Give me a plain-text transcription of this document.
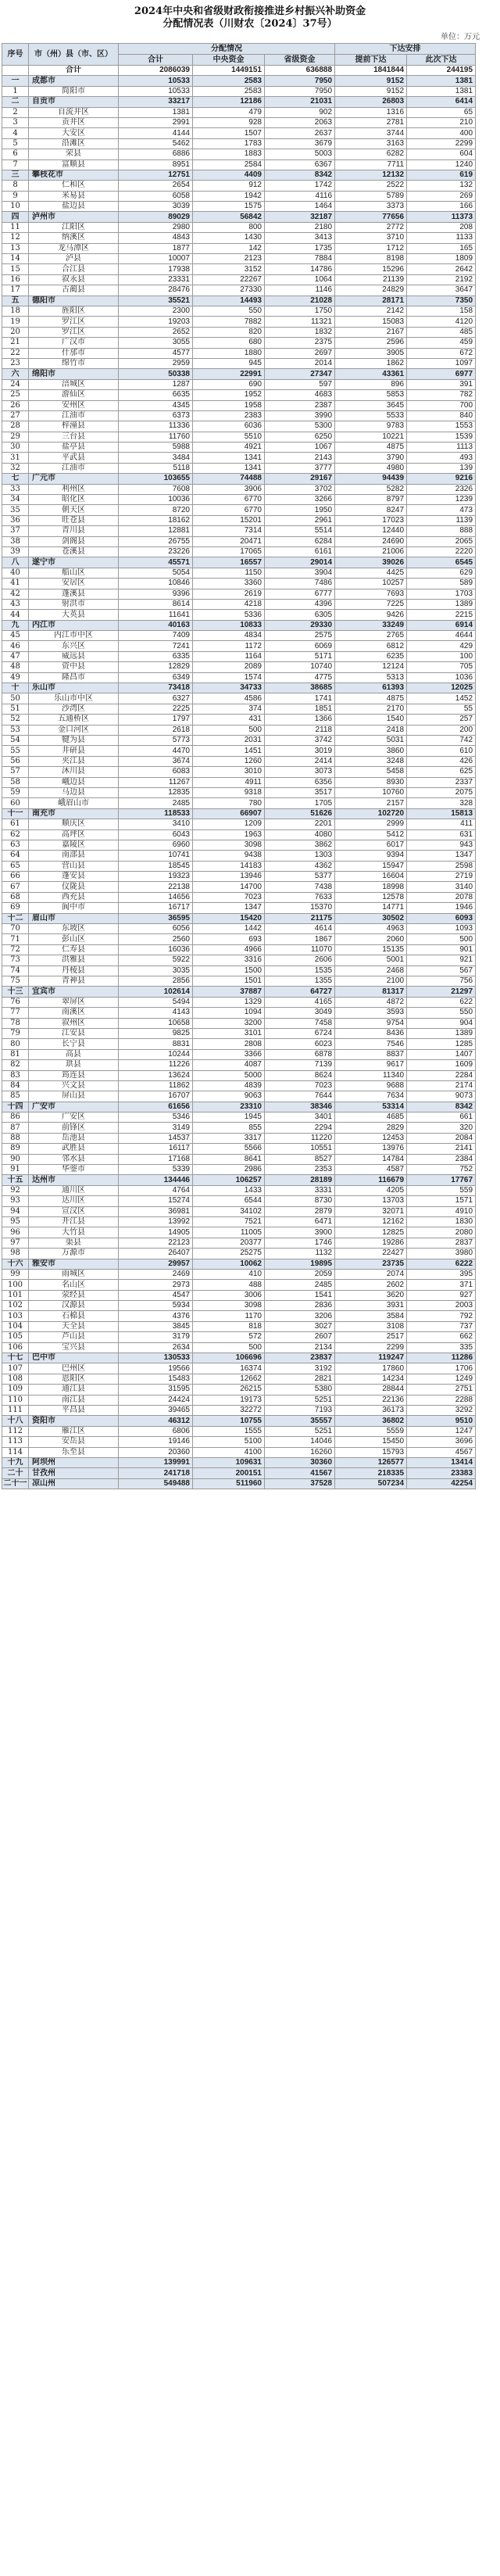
2024年中央和省级财政衔接推进乡村振兴补助资金
分配情况表（川财农〔2024〕37号）
单位：万元
序号	市（州）县（市、区）	分配情况			下达安排	
		合计	中央资金	省级资金	提前下达	此次下达
	合计	2086039	1449151	636888	1841844	244195
一	成都市	10533	2583	7950	9152	1381
1	简阳市	10533	2583	7950	9152	1381
二	自贡市	33217	12186	21031	26803	6414
2	自流井区	1381	479	902	1316	65
3	贡井区	2991	928	2063	2781	210
4	大安区	4144	1507	2637	3744	400
5	沿滩区	5462	1783	3679	3163	2299
6	荣县	6886	1883	5003	6282	604
7	富顺县	8951	2584	6367	7711	1240
三	攀枝花市	12751	4409	8342	12132	619
8	仁和区	2654	912	1742	2522	132
9	米易县	6058	1942	4116	5789	269
10	盐边县	3039	1575	1464	3373	166
四	泸州市	89029	56842	32187	77656	11373
11	江阳区	2980	800	2180	2772	208
12	纳溪区	4843	1430	3413	3710	1133
13	龙马潭区	1877	142	1735	1712	165
14	泸县	10007	2123	7884	8198	1809
15	合江县	17938	3152	14786	15296	2642
16	叙永县	23331	22267	1064	21139	2192
17	古蔺县	28476	27330	1146	24829	3647
五	德阳市	35521	14493	21028	28171	7350
18	旌阳区	2300	550	1750	2142	158
19	罗江区	19203	7882	11321	15083	4120
20	罗江区	2652	820	1832	2167	485
21	广汉市	3055	680	2375	2596	459
22	什邡市	4577	1880	2697	3905	672
23	绵竹市	2959	945	2014	1862	1097
六	绵阳市	50338	22991	27347	43361	6977
24	涪城区	1287	690	597	896	391
25	游仙区	6635	1952	4683	5853	782
26	安州区	4345	1958	2387	3645	700
27	江油市	6373	2383	3990	5533	840
28	梓潼县	11336	6036	5300	9783	1553
29	三台县	11760	5510	6250	10221	1539
30	盐亭县	5988	4921	1067	4875	1113
31	平武县	3484	1341	2143	3790	493
32	江油市	5118	1341	3777	4980	139
七	广元市	103655	74488	29167	94439	9216
33	利州区	7608	3906	3702	5282	2326
34	昭化区	10036	6770	3266	8797	1239
35	朝天区	8720	6770	1950	8247	473
36	旺苍县	18162	15201	2961	17023	1139
37	青川县	12881	7314	5514	12440	888
38	剑阁县	26755	20471	6284	24690	2065
39	苍溪县	23226	17065	6161	21006	2220
八	遂宁市	45571	16557	29014	39026	6545
40	船山区	5054	1150	3904	4425	629
41	安居区	10846	3360	7486	10257	589
42	蓬溪县	9396	2619	6777	7693	1703
43	射洪市	8614	4218	4396	7225	1389
44	大英县	11641	5336	6305	9426	2215
九	内江市	40163	10833	29330	33249	6914
45	内江市中区	7409	4834	2575	2765	4644
46	东兴区	7241	1172	6069	6812	429
47	威远县	6335	1164	5171	6235	100
48	资中县	12829	2089	10740	12124	705
49	隆昌市	6349	1574	4775	5313	1036
十	乐山市	73418	34733	38685	61393	12025
50	乐山市中区	6327	4586	1741	4875	1452
51	沙湾区	2225	374	1851	2170	55
52	五通桥区	1797	431	1366	1540	257
53	金口河区	2618	500	2118	2418	200
54	犍为县	5773	2031	3742	5031	742
55	井研县	4470	1451	3019	3860	610
56	夹江县	3674	1260	2414	3248	426
57	沐川县	6083	3010	3073	5458	625
58	峨边县	11267	4911	6356	8930	2337
59	马边县	12835	9318	3517	10760	2075
60	峨眉山市	2485	780	1705	2157	328
十一	南充市	118533	66907	51626	102720	15813
61	顺庆区	3410	1209	2201	2999	411
62	高坪区	6043	1963	4080	5412	631
63	嘉陵区	6960	3098	3862	6017	943
64	南部县	10741	9438	1303	9394	1347
65	营山县	18545	14183	4362	15947	2598
66	蓬安县	19323	13946	5377	16604	2719
67	仪陇县	22138	14700	7438	18998	3140
68	西充县	14656	7023	7633	12578	2078
69	阆中市	16717	1347	15370	14771	1946
十二	眉山市	36595	15420	21175	30502	6093
70	东坡区	6056	1442	4614	4963	1093
71	彭山区	2560	693	1867	2060	500
72	仁寿县	16036	4966	11070	15135	901
73	洪雅县	5922	3316	2606	5001	921
74	丹棱县	3035	1500	1535	2468	567
75	青神县	2856	1501	1355	2100	756
十三	宜宾市	102614	37887	64727	81317	21297
76	翠屏区	5494	1329	4165	4872	622
77	南溪区	4143	1094	3049	3593	550
78	叙州区	10658	3200	7458	9754	904
79	江安县	9825	3101	6724	8436	1389
80	长宁县	8831	2808	6023	7546	1285
81	高县	10244	3366	6878	8837	1407
82	珙县	11226	4087	7139	9617	1609
83	筠连县	13624	5000	8624	11340	2284
84	兴文县	11862	4839	7023	9688	2174
85	屏山县	16707	9063	7644	7634	9073
十四	广安市	61656	23310	38346	53314	8342
86	广安区	5346	1945	3401	4685	661
87	前锋区	3149	855	2294	2829	320
88	岳池县	14537	3317	11220	12453	2084
89	武胜县	16117	5566	10551	13976	2141
90	邻水县	17168	8641	8527	14784	2384
91	华蓥市	5339	2986	2353	4587	752
十五	达州市	134446	106257	28189	116679	17767
92	通川区	4764	1433	3331	4205	559
93	达川区	15274	6544	8730	13703	1571
94	宣汉区	36981	34102	2879	32071	4910
95	开江县	13992	7521	6471	12162	1830
96	大竹县	14905	11005	3900	12825	2080
97	渠县	22123	20377	1746	19286	2837
98	万源市	26407	25275	1132	22427	3980
十六	雅安市	29957	10062	19895	23735	6222
99	雨城区	2469	410	2059	2074	395
100	名山区	2973	488	2485	2602	371
101	荥经县	4547	3006	1541	3620	927
102	汉源县	5934	3098	2836	3931	2003
103	石棉县	4376	1170	3206	3584	792
104	天全县	3845	818	3027	3108	737
105	芦山县	3179	572	2607	2517	662
106	宝兴县	2634	500	2134	2299	335
十七	巴中市	130533	106696	23837	119247	11286
107	巴州区	19566	16374	3192	17860	1706
108	恩阳区	15483	12662	2821	14234	1249
109	通江县	31595	26215	5380	28844	2751
110	南江县	24424	19173	5251	22136	2288
111	平昌县	39465	32272	7193	36173	3292
十八	资阳市	46312	10755	35557	36802	9510
112	雁江区	6806	1555	5251	5559	1247
113	安岳县	19146	5100	14046	15450	3696
114	乐至县	20360	4100	16260	15793	4567
十九	阿坝州	139991	109631	30360	126577	13414
二十	甘孜州	241718	200151	41567	218335	23383
二十一	凉山州	549488	511960	37528	507234	42254
